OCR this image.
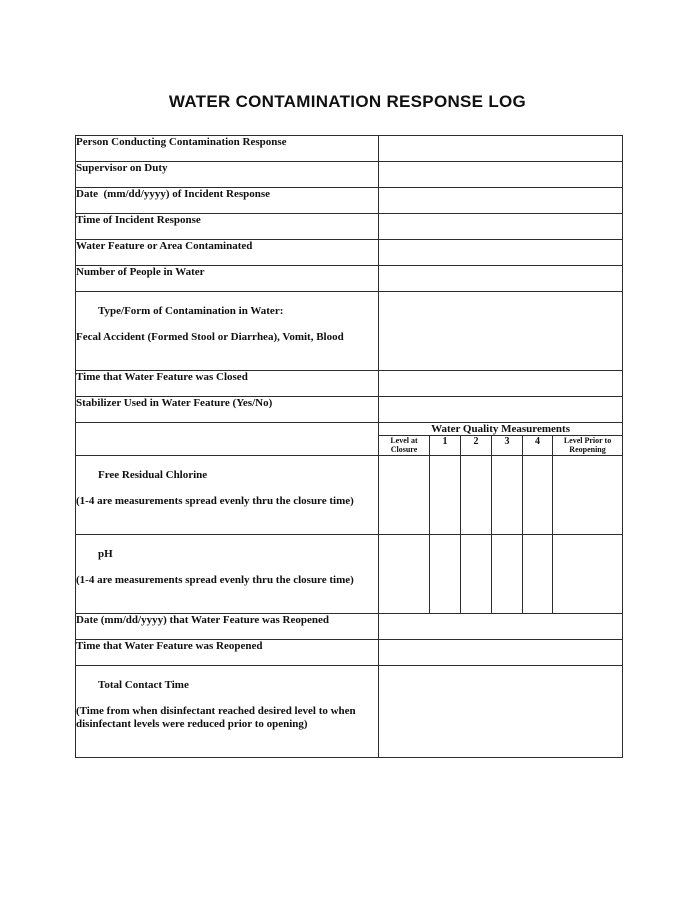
WATER CONTAMINATION RESPONSE LOG
Person Conducting Contamination Response						
Supervisor on Duty						
Date  (mm/dd/yyyy) of Incident Response						
Time of Incident Response						
Water Feature or Area Contaminated						
Number of People in Water						

Type/Form of Contamination in Water:

Fecal Accident (Formed Stool or Diarrhea), Vomit, Blood						

Time that Water Feature was Closed						
Stabilizer Used in Water Feature (Yes/No)						
	Water Quality Measurements					
	Level at Closure	1	2	3	4	Level Prior to Reopening

Free Residual Chlorine

(1-4 are measurements spread evenly thru the closure time)						

pH

(1-4 are measurements spread evenly thru the closure time)						

Date (mm/dd/yyyy) that Water Feature was Reopened						
Time that Water Feature was Reopened						

Total Contact Time

(Time from when disinfectant reached desired level to when disinfectant levels were reduced prior to opening)						
